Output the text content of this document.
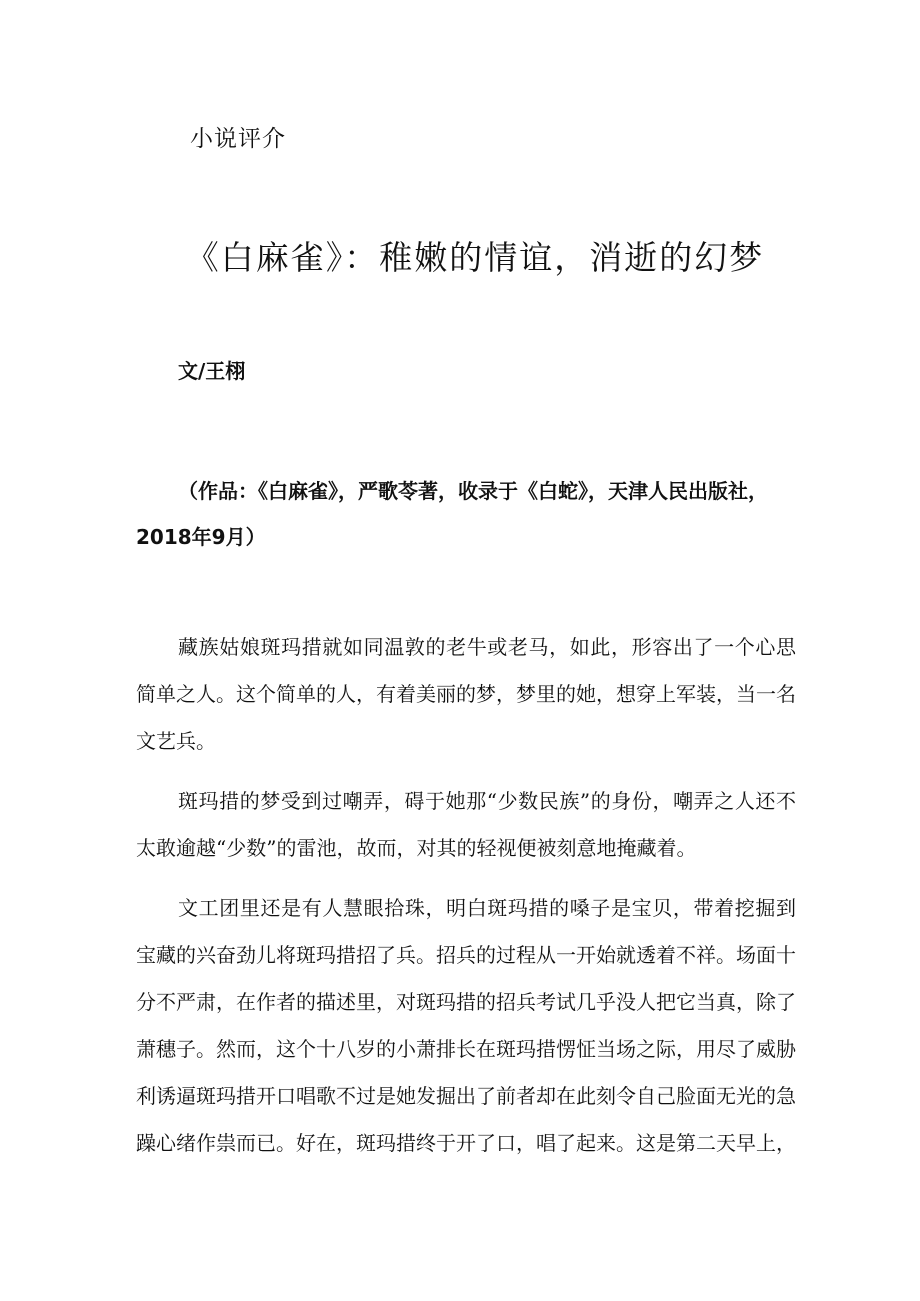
小说评介
《白麻雀》：稚嫩的情谊，消逝的幻梦
文/王栩

（作品：《白麻雀》，严歌苓著，收录于《白蛇》，天津人民出版社，2018年9月）

藏族姑娘斑玛措就如同温敦的老牛或老马，如此，形容出了一个心思简单之人。这个简单的人，有着美丽的梦，梦里的她，想穿上军装，当一名文艺兵。

斑玛措的梦受到过嘲弄，碍于她那“少数民族”的身份，嘲弄之人还不太敢逾越“少数”的雷池，故而，对其的轻视便被刻意地掩藏着。

文工团里还是有人慧眼拾珠，明白斑玛措的嗓子是宝贝，带着挖掘到宝藏的兴奋劲儿将斑玛措招了兵。招兵的过程从一开始就透着不祥。场面十分不严肃，在作者的描述里，对斑玛措的招兵考试几乎没人把它当真，除了萧穗子。然而，这个十八岁的小萧排长在斑玛措愣怔当场之际，用尽了威胁利诱逼斑玛措开口唱歌不过是她发掘出了前者却在此刻令自己脸面无光的急躁心绪作祟而已。好在，斑玛措终于开了口，唱了起来。这是第二天早上，
